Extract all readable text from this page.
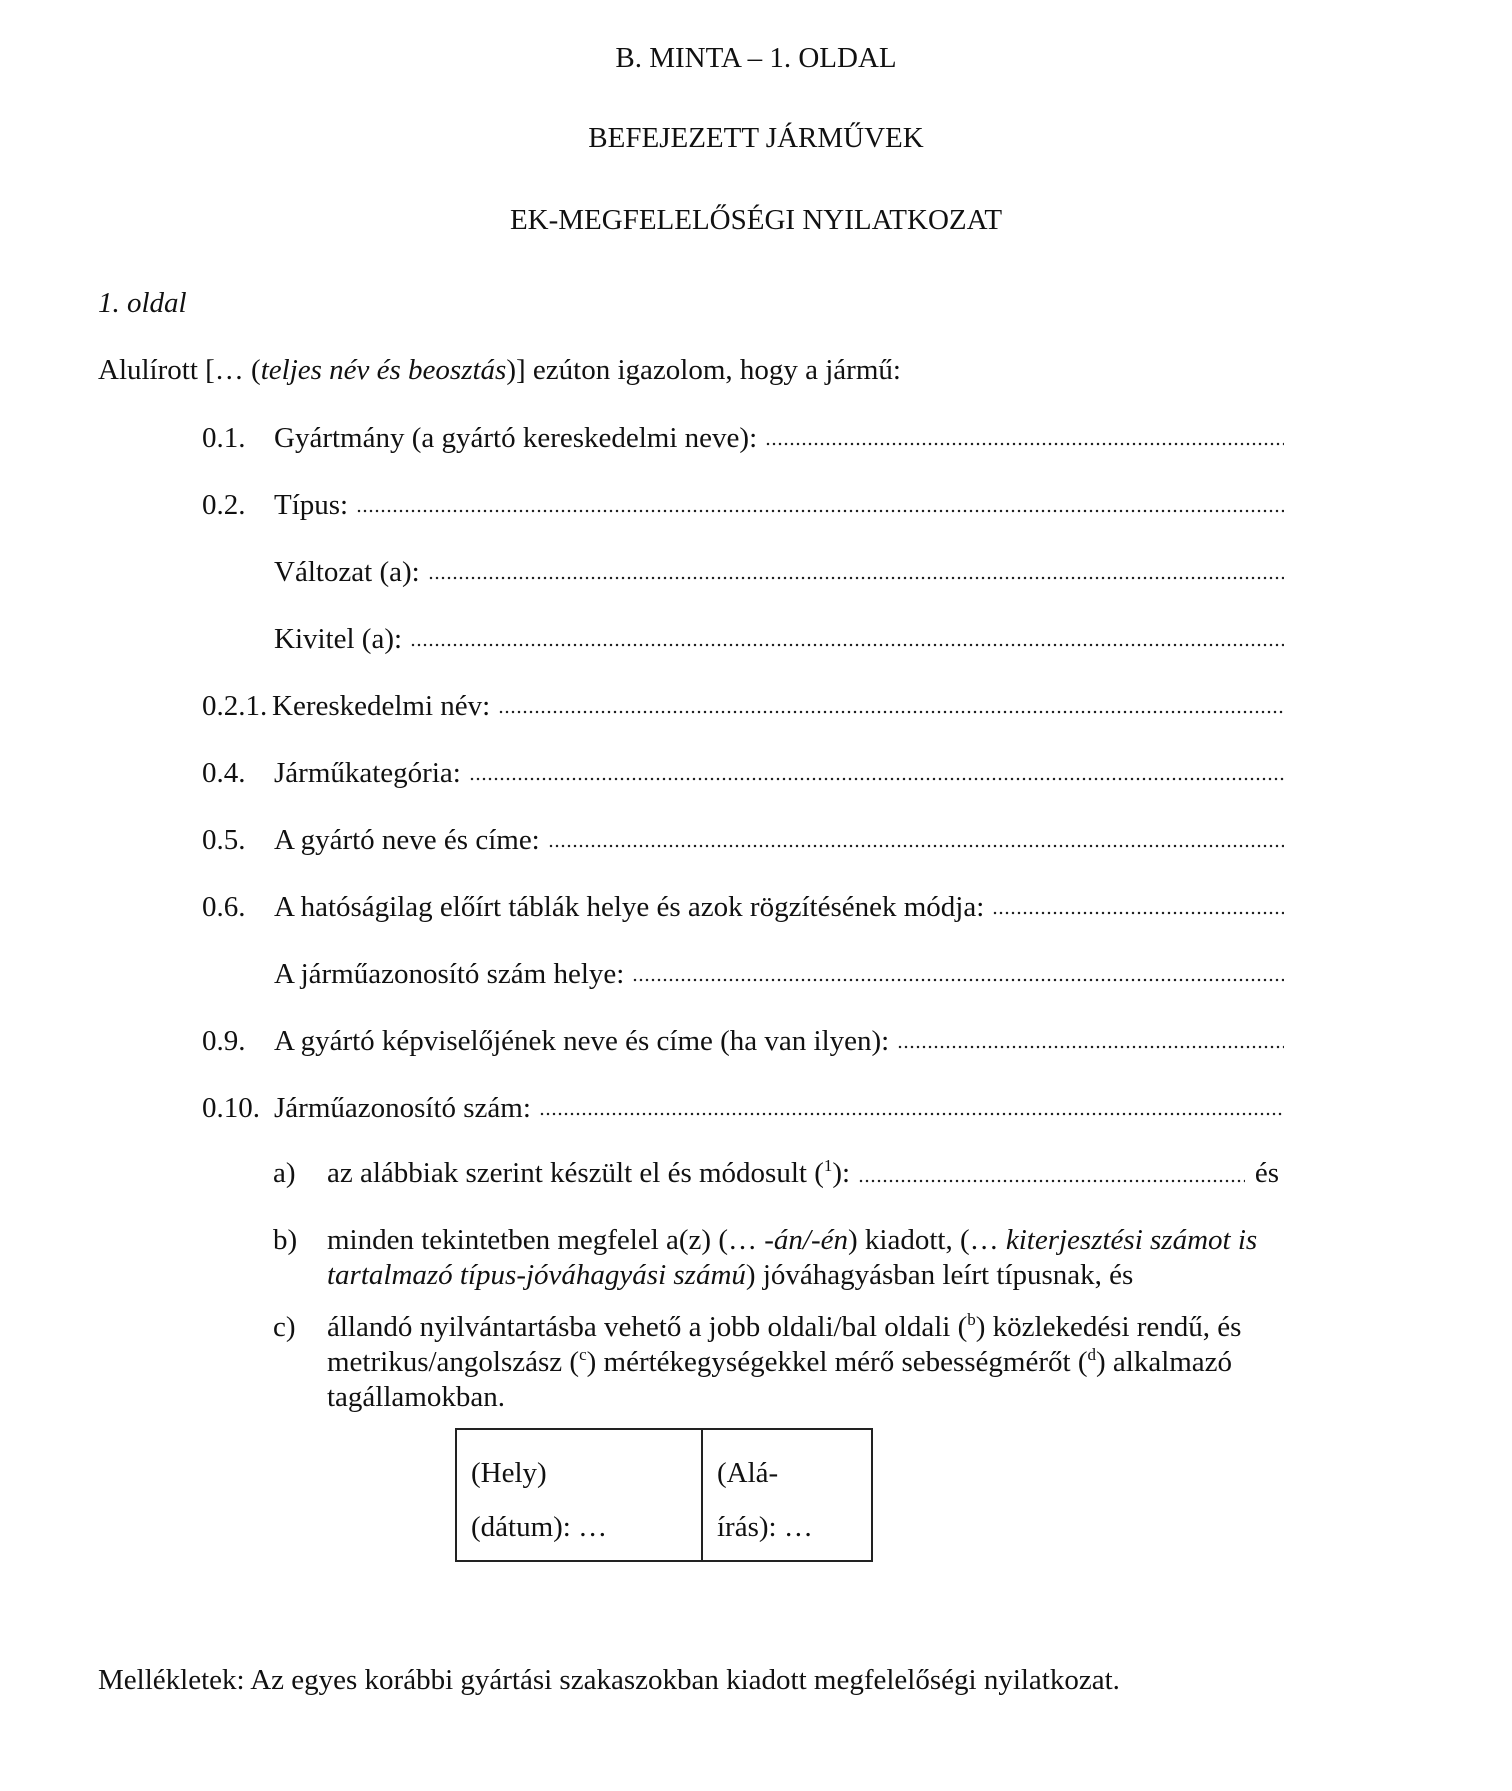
B. MINTA – 1. OLDAL
BEFEJEZETT JÁRMŰVEK
EK-MEGFELELŐSÉGI NYILATKOZAT
1. oldal
Alulírott [… (teljes név és beosztás)] ezúton igazolom, hogy a jármű:
0.1. Gyártmány (a gyártó kereskedelmi neve):
0.2. Típus:
Változat (a):
Kivitel (a):
0.2.1. Kereskedelmi név:
0.4. Járműkategória:
0.5. A gyártó neve és címe:
0.6. A hatóságilag előírt táblák helye és azok rögzítésének módja:
A járműazonosító szám helye:
0.9. A gyártó képviselőjének neve és címe (ha van ilyen):
0.10. Járműazonosító szám:
a) az alábbiak szerint készült el és módosult ($^1$):	és
b) minden tekintetben megfelel a(z) (… -án/-én) kiadott, (… kiterjesztési számot is tartalmazó típus-jóváhagyási számú) jóváhagyásban leírt típusnak, és
c) állandó nyilvántartásba vehető a jobb oldali/bal oldali ($^b$) közlekedési rendű, és metrikus/angolszász ($^c$) mértékegységekkel mérő sebességmérőt ($^d$) alkalmazó tagállamokban.
(Hely)
(dátum): …
(Alá-
írás): …
Mellékletek: Az egyes korábbi gyártási szakaszokban kiadott megfelelőségi nyilatkozat.
